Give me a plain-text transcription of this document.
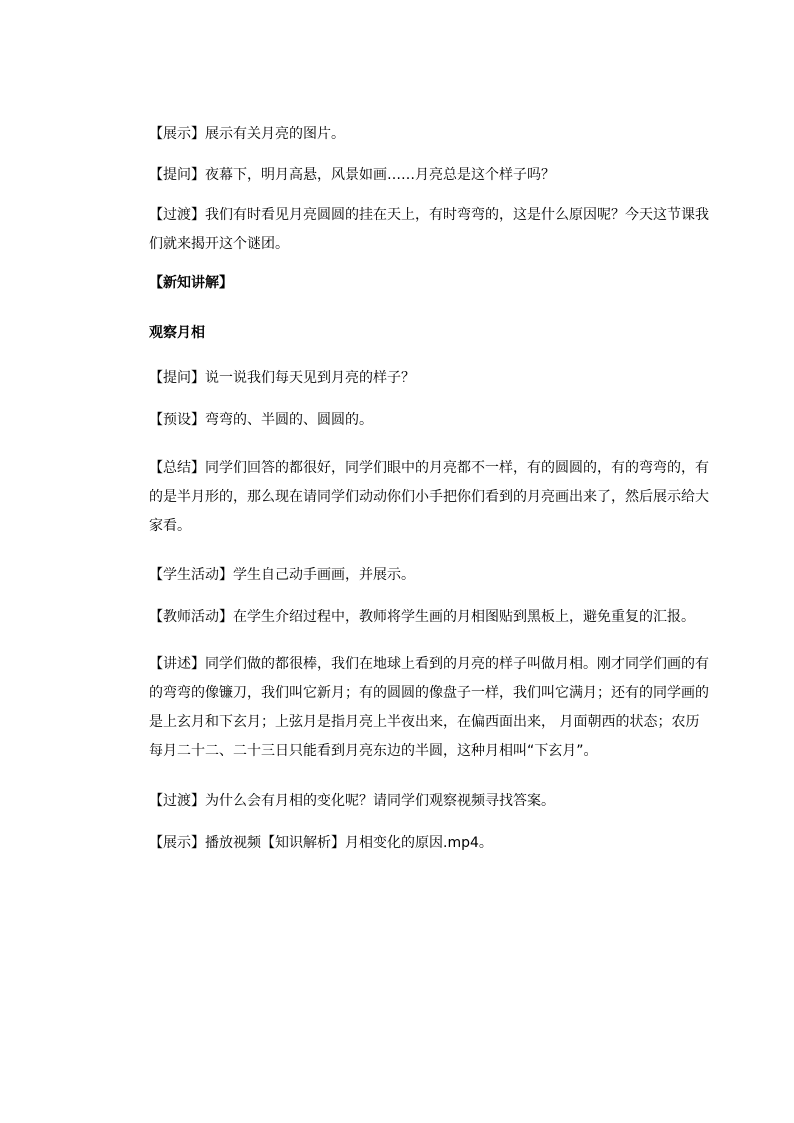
【展示】展示有关月亮的图片。

【提问】夜幕下，明月高悬，风景如画……月亮总是这个样子吗？

【过渡】我们有时看见月亮圆圆的挂在天上，有时弯弯的，这是什么原因呢？今天这节课我们就来揭开这个谜团。

【新知讲解】

观察月相

【提问】说一说我们每天见到月亮的样子？

【预设】弯弯的、半圆的、圆圆的。

【总结】同学们回答的都很好，同学们眼中的月亮都不一样，有的圆圆的，有的弯弯的，有的是半月形的，那么现在请同学们动动你们小手把你们看到的月亮画出来了，然后展示给大家看。

【学生活动】学生自己动手画画，并展示。

【教师活动】在学生介绍过程中，教师将学生画的月相图贴到黑板上，避免重复的汇报。

【讲述】同学们做的都很棒，我们在地球上看到的月亮的样子叫做月相。刚才同学们画的有的弯弯的像镰刀，我们叫它新月；有的圆圆的像盘子一样，我们叫它满月；还有的同学画的是上玄月和下玄月；上弦月是指月亮上半夜出来，在偏西面出来， 月面朝西的状态；农历每月二十二、二十三日只能看到月亮东边的半圆，这种月相叫“下玄月”。

【过渡】为什么会有月相的变化呢？请同学们观察视频寻找答案。

【展示】播放视频【知识解析】月相变化的原因.mp4。
